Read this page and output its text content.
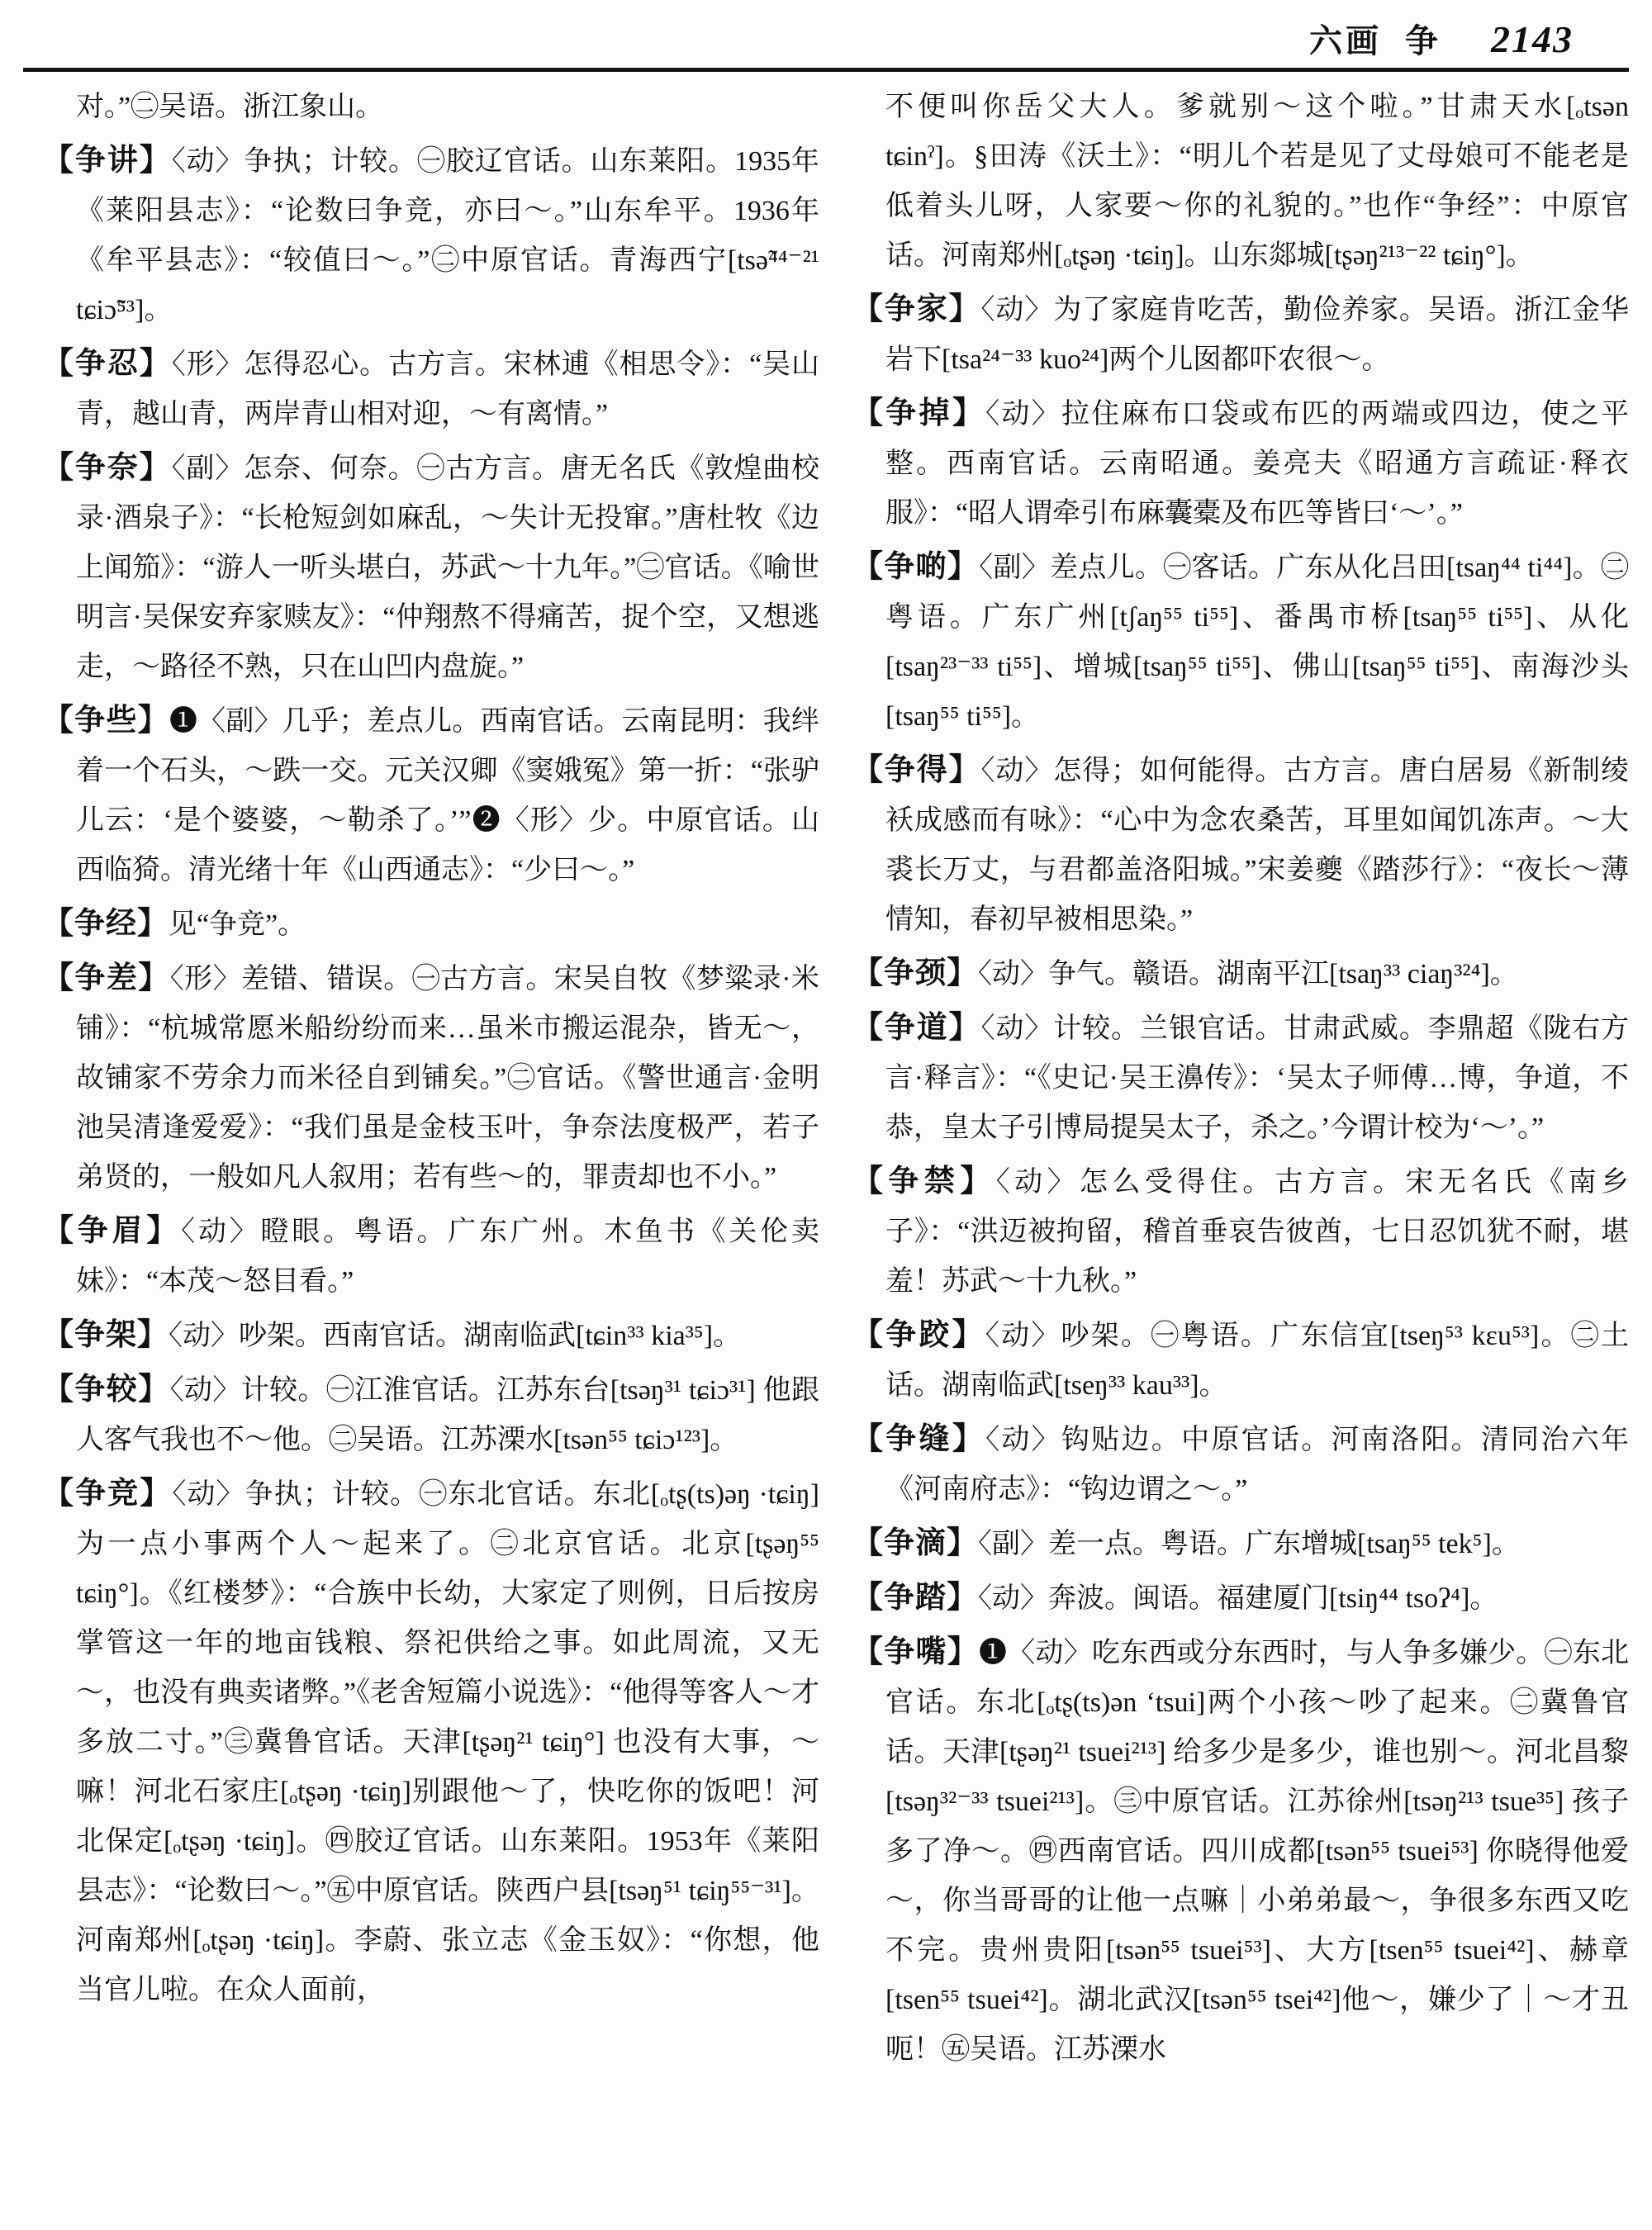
六画 争 2143

对。”㊁吴语。浙江象山。

【争讲】〈动〉争执；计较。㊀胶辽官话。山东莱阳。1935年《莱阳县志》：“论数曰争竞，亦曰～。”山东牟平。1936年《牟平县志》：“较值曰～。”㊁中原官话。青海西宁[tsə̃⁴⁴⁻²¹ tɕiɔ̃⁵³]。

【争忍】〈形〉怎得忍心。古方言。宋林逋《相思令》：“吴山青，越山青，两岸青山相对迎，～有离情。”

【争奈】〈副〉怎奈、何奈。㊀古方言。唐无名氏《敦煌曲校录·酒泉子》：“长枪短剑如麻乱，～失计无投窜。”唐杜牧《边上闻笳》：“游人一听头堪白，苏武～十九年。”㊁官话。《喻世明言·吴保安弃家赎友》：“仲翔熬不得痛苦，捉个空，又想逃走，～路径不熟，只在山凹内盘旋。”

【争些】❶〈副〉几乎；差点儿。西南官话。云南昆明：我绊着一个石头，～跌一交。元关汉卿《窦娥冤》第一折：“张驴儿云：‘是个婆婆，～勒杀了。’”❷〈形〉少。中原官话。山西临猗。清光绪十年《山西通志》：“少曰～。”

【争经】见“争竞”。

【争差】〈形〉差错、错误。㊀古方言。宋吴自牧《梦粱录·米铺》：“杭城常愿米船纷纷而来…虽米市搬运混杂，皆无～，故铺家不劳余力而米径自到铺矣。”㊁官话。《警世通言·金明池吴清逢爱爱》：“我们虽是金枝玉叶，争奈法度极严，若子弟贤的，一般如凡人叙用；若有些～的，罪责却也不小。”

【争眉】〈动〉瞪眼。粤语。广东广州。木鱼书《关伦卖妹》：“本茂～怒目看。”

【争架】〈动〉吵架。西南官话。湖南临武[tɕin³³ kia³⁵]。

【争较】〈动〉计较。㊀江淮官话。江苏东台[tsəŋ³¹ tɕiɔ³¹] 他跟人客气我也不～他。㊁吴语。江苏溧水[tsən⁵⁵ tɕiɔ¹²³]。

【争竞】〈动〉争执；计较。㊀东北官话。东北[ₒtʂ(ts)əŋ ·tɕiŋ] 为一点小事两个人～起来了。㊁北京官话。北京[tʂəŋ⁵⁵ tɕiŋ°]。《红楼梦》：“合族中长幼，大家定了则例，日后按房掌管这一年的地亩钱粮、祭祀供给之事。如此周流，又无～，也没有典卖诸弊。”《老舍短篇小说选》：“他得等客人～才多放二寸。”㊂冀鲁官话。天津[tʂəŋ²¹ tɕiŋ°] 也没有大事，～嘛！河北石家庄[ₒtʂəŋ ·tɕiŋ]别跟他～了，快吃你的饭吧！河北保定[ₒtʂəŋ ·tɕiŋ]。㊃胶辽官话。山东莱阳。1953年《莱阳县志》：“论数曰～。”㊄中原官话。陕西户县[tsəŋ⁵¹ tɕiŋ⁵⁵⁻³¹]。河南郑州[ₒtʂəŋ ·tɕiŋ]。李蔚、张立志《金玉奴》：“你想，他当官儿啦。在众人面前，

不便叫你岳父大人。爹就别～这个啦。”甘肃天水[ₒtsən tɕinˀ]。§田涛《沃土》：“明儿个若是见了丈母娘可不能老是低着头儿呀，人家要～你的礼貌的。”也作“争经”：中原官话。河南郑州[ₒtʂəŋ ·tɕiŋ]。山东郯城[tʂəŋ²¹³⁻²² tɕiŋ°]。

【争家】〈动〉为了家庭肯吃苦，勤俭养家。吴语。浙江金华岩下[tsa²⁴⁻³³ kuo²⁴]两个儿囡都吓农很～。

【争掉】〈动〉拉住麻布口袋或布匹的两端或四边，使之平整。西南官话。云南昭通。姜亮夫《昭通方言疏证·释衣服》：“昭人谓牵引布麻囊橐及布匹等皆曰‘～’。”

【争啲】〈副〉差点儿。㊀客话。广东从化吕田[tsaŋ⁴⁴ ti⁴⁴]。㊁粤语。广东广州[tʃaŋ⁵⁵ ti⁵⁵]、番禺市桥[tsaŋ⁵⁵ ti⁵⁵]、从化[tsaŋ²³⁻³³ ti⁵⁵]、增城[tsaŋ⁵⁵ ti⁵⁵]、佛山[tsaŋ⁵⁵ ti⁵⁵]、南海沙头[tsaŋ⁵⁵ ti⁵⁵]。

【争得】〈动〉怎得；如何能得。古方言。唐白居易《新制绫袄成感而有咏》：“心中为念农桑苦，耳里如闻饥冻声。～大裘长万丈，与君都盖洛阳城。”宋姜夔《踏莎行》：“夜长～薄情知，春初早被相思染。”

【争颈】〈动〉争气。赣语。湖南平江[tsaŋ³³ ciaŋ³²⁴]。

【争道】〈动〉计较。兰银官话。甘肃武威。李鼎超《陇右方言·释言》：“《史记·吴王濞传》：‘吴太子师傅…博，争道，不恭，皇太子引博局提吴太子，杀之。’今谓计校为‘～’。”

【争禁】〈动〉怎么受得住。古方言。宋无名氏《南乡子》：“洪迈被拘留，稽首垂哀告彼酋，七日忍饥犹不耐，堪羞！苏武～十九秋。”

【争跤】〈动〉吵架。㊀粤语。广东信宜[tseŋ⁵³ kɛu⁵³]。㊁土话。湖南临武[tseŋ³³ kau³³]。

【争缝】〈动〉钩贴边。中原官话。河南洛阳。清同治六年《河南府志》：“钩边谓之～。”

【争滴】〈副〉差一点。粤语。广东增城[tsaŋ⁵⁵ tek⁵]。

【争踏】〈动〉奔波。闽语。福建厦门[tsiŋ⁴⁴ tsoʔ⁴]。

【争嘴】❶〈动〉吃东西或分东西时，与人争多嫌少。㊀东北官话。东北[ₒtʂ(ts)ən ʻtsui]两个小孩～吵了起来。㊁冀鲁官话。天津[tʂəŋ²¹ tsuei²¹³] 给多少是多少，谁也别～。河北昌黎[tsəŋ³²⁻³³ tsuei²¹³]。㊂中原官话。江苏徐州[tsəŋ²¹³ tsue³⁵] 孩子多了净～。㊃西南官话。四川成都[tsən⁵⁵ tsuei⁵³] 你晓得他爱～，你当哥哥的让他一点嘛｜小弟弟最～，争很多东西又吃不完。贵州贵阳[tsən⁵⁵ tsuei⁵³]、大方[tsen⁵⁵ tsuei⁴²]、赫章[tsen⁵⁵ tsuei⁴²]。湖北武汉[tsən⁵⁵ tsei⁴²]他～，嫌少了｜～才丑呃！㊄吴语。江苏溧水
